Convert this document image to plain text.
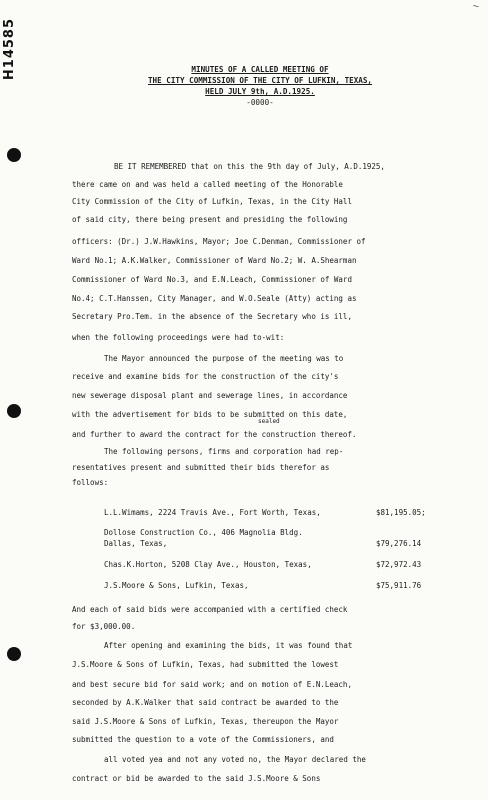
H14585
~
MINUTES OF A CALLED MEETING OF
THE CITY COMMISSION OF THE CITY OF LUFKIN, TEXAS,
HELD JULY 9th, A.D.1925.
-0000-
BE IT REMEMBERED that on this the 9th day of July, A.D.1925,
there came on and was held a called meeting of the Honorable
City Commission of the City of Lufkin, Texas, in the City Hall
of said city, there being present and presiding the following
officers: (Dr.) J.W.Hawkins, Mayor; Joe C.Denman, Commissioner of
Ward No.1; A.K.Walker, Commissioner of Ward No.2; W. A.Shearman
Commissioner of Ward No.3, and E.N.Leach, Commissioner of Ward
No.4; C.T.Hanssen, City Manager, and W.O.Seale (Atty) acting as
Secretary Pro.Tem. in the absence of the Secretary who is ill,
when the following proceedings were had to-wit:
The Mayor announced the purpose of the meeting was to
receive and examine bids for the construction of the city's
new sewerage disposal plant and sewerage lines, in accordance
with the advertisement for bids to be submitted on this date,
and further to award the contract for the construction thereof.
The following persons, firms and corporation had rep-
resentatives present and submitted their bids therefor as
follows:
sealed
L.L.Wimams, 2224 Travis Ave., Fort Worth, Texas,	$81,195.05;
Dollose Construction Co., 406 Magnolia Bldg.
Dallas, Texas,	$79,276.14
Chas.K.Horton, 5208 Clay Ave., Houston, Texas,	$72,972.43
J.S.Moore & Sons, Lufkin, Texas,	$75,911.76
And each of said bids were accompanied with a certified check
for $3,000.00.
After opening and examining the bids, it was found that
J.S.Moore & Sons of Lufkin, Texas, had submitted the lowest
and best secure bid for said work; and on motion of E.N.Leach,
seconded by A.K.Walker that said contract be awarded to the
said J.S.Moore & Sons of Lufkin, Texas, thereupon the Mayor
submitted the question to a vote of the Commissioners, and
all voted yea and not any voted no, the Mayor declared the
contract or bid be awarded to the said J.S.Moore & Sons
